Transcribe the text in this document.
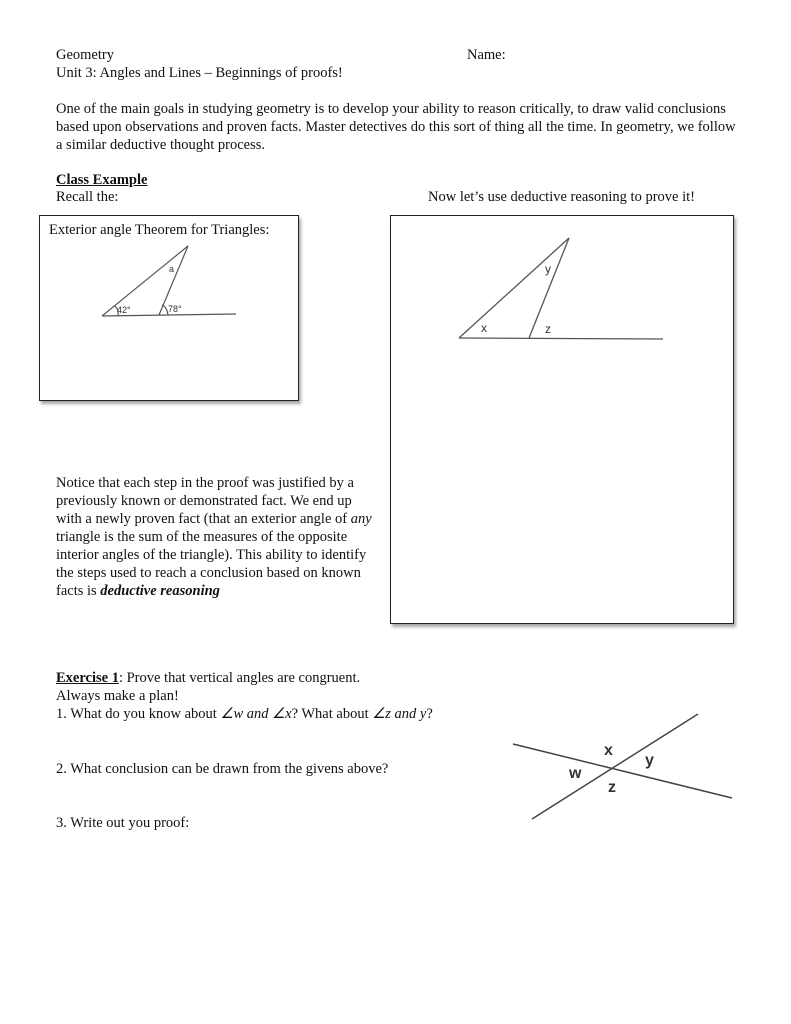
Geometry	Name:
Unit 3: Angles and Lines – Beginnings of proofs!
One of the main goals in studying geometry is to develop your ability to reason critically, to draw valid conclusions based upon observations and proven facts. Master detectives do this sort of thing all the time. In geometry, we follow a similar deductive thought process.
Class Example
Recall the:	Now let’s use deductive reasoning to prove it!
Exterior angle Theorem for Triangles:
a
42°	78°
x
y
z
Notice that each step in the proof was justified by a previously known or demonstrated fact. We end up with a newly proven fact (that an exterior angle of any triangle is the sum of the measures of the opposite interior angles of the triangle). This ability to identify the steps used to reach a conclusion based on known facts is deductive reasoning
Exercise 1: Prove that vertical angles are congruent.
Always make a plan!
1. What do you know about ∠w and ∠x? What about ∠z and y?
2. What conclusion can be drawn from the givens above?
3. Write out you proof:
x
y
w
z
